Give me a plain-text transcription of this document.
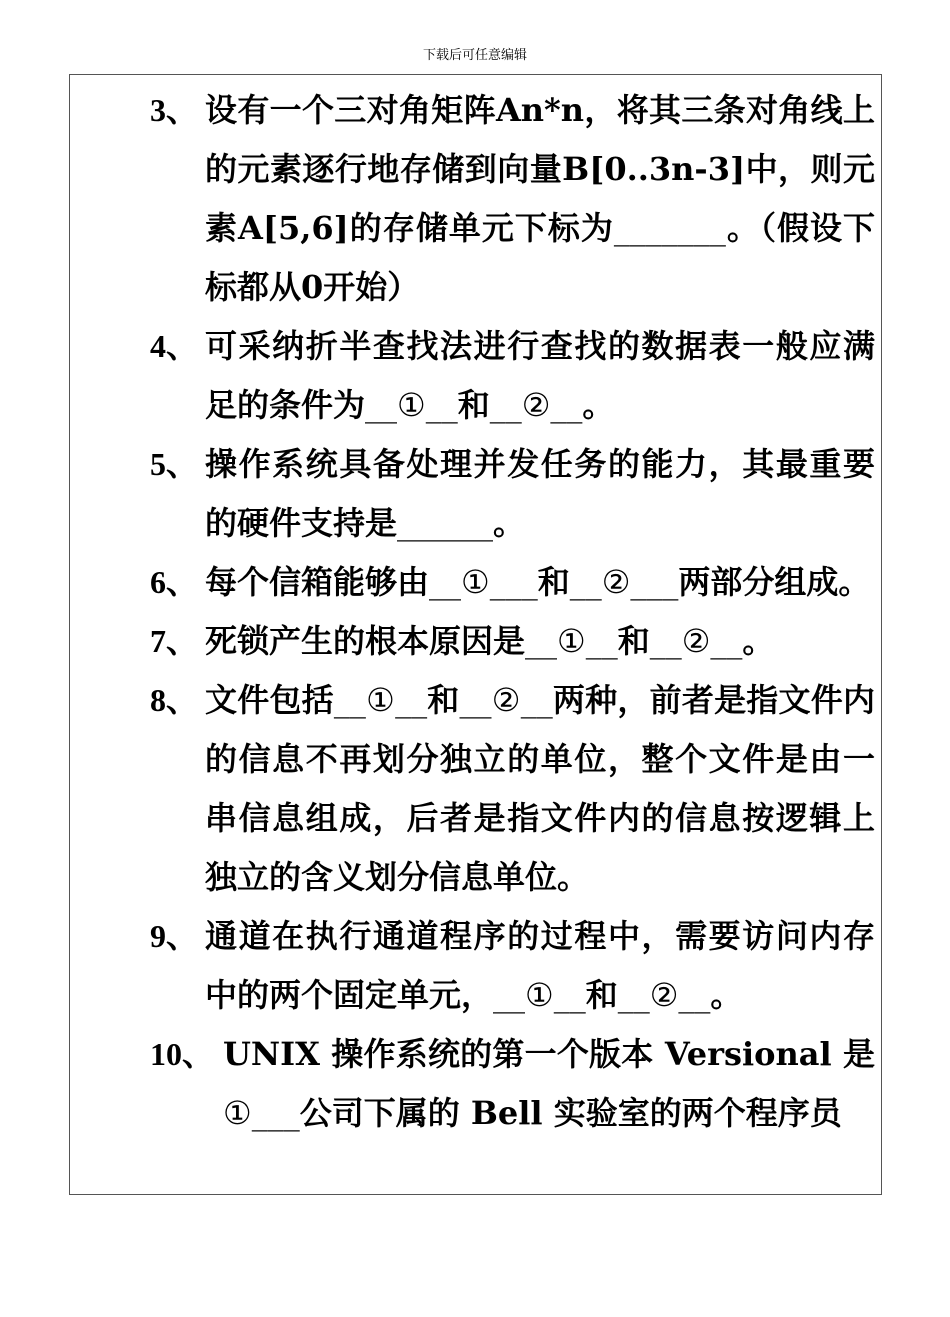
下载后可任意编辑
3、 设有一个三对角矩阵An*n，将其三条对角线上的元素逐行地存储到向量B[0..3n-3]中，则元素A[5,6]的存储单元下标为_______。（假设下标都从0开始）
4、 可采纳折半查找法进行查找的数据表一般应满足的条件为__①__和__②__。
5、 操作系统具备处理并发任务的能力，其最重要的硬件支持是______。
6、 每个信箱能够由__①___和__②___两部分组成。
7、 死锁产生的根本原因是__①__和__②__。
8、 文件包括__①__和__②__两种，前者是指文件内的信息不再划分独立的单位，整个文件是由一串信息组成，后者是指文件内的信息按逻辑上独立的含义划分信息单位。
9、 通道在执行通道程序的过程中，需要访问内存中的两个固定单元，__①__和__②__。
10、 UNIX 操作系统的第一个版本 Versional 是①___公司下属的 Bell 实验室的两个程序员
